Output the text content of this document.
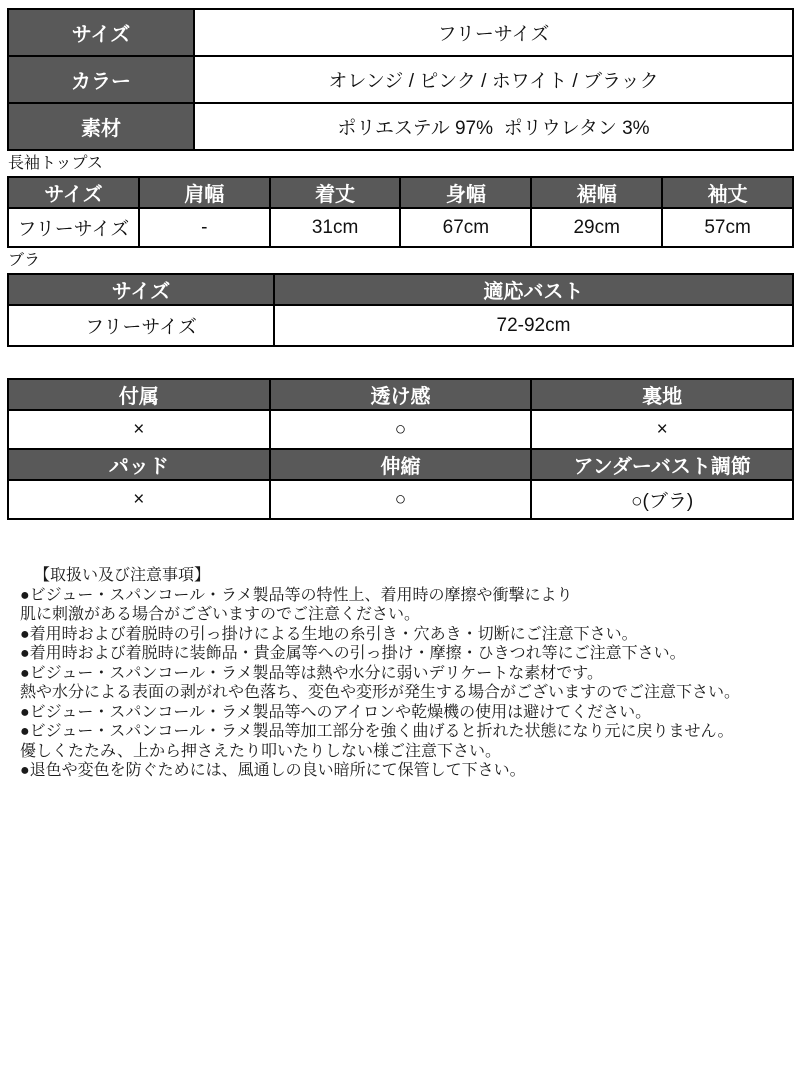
サイズ	フリーサイズ
カラー	オレンジ / ピンク / ホワイト / ブラック
素材	ポリエステル 97%  ポリウレタン 3%
長袖トップス
サイズ	肩幅	着丈	身幅	裾幅	袖丈
フリーサイズ	-	31cm	67cm	29cm	57cm
ブラ
サイズ	適応バスト
フリーサイズ	72-92cm
付属	透け感	裏地
×	○	×
パッド	伸縮	アンダーバスト調節
×	○	○(ブラ)
【取扱い及び注意事項】
●ビジュー・スパンコール・ラメ製品等の特性上、着用時の摩擦や衝撃により
肌に刺激がある場合がございますのでご注意ください。
●着用時および着脱時の引っ掛けによる生地の糸引き・穴あき・切断にご注意下さい。
●着用時および着脱時に装飾品・貴金属等への引っ掛け・摩擦・ひきつれ等にご注意下さい。
●ビジュー・スパンコール・ラメ製品等は熱や水分に弱いデリケートな素材です。
熱や水分による表面の剥がれや色落ち、変色や変形が発生する場合がございますのでご注意下さい。
●ビジュー・スパンコール・ラメ製品等へのアイロンや乾燥機の使用は避けてください。
●ビジュー・スパンコール・ラメ製品等加工部分を強く曲げると折れた状態になり元に戻りません。
優しくたたみ、上から押さえたり叩いたりしない様ご注意下さい。
●退色や変色を防ぐためには、風通しの良い暗所にて保管して下さい。
